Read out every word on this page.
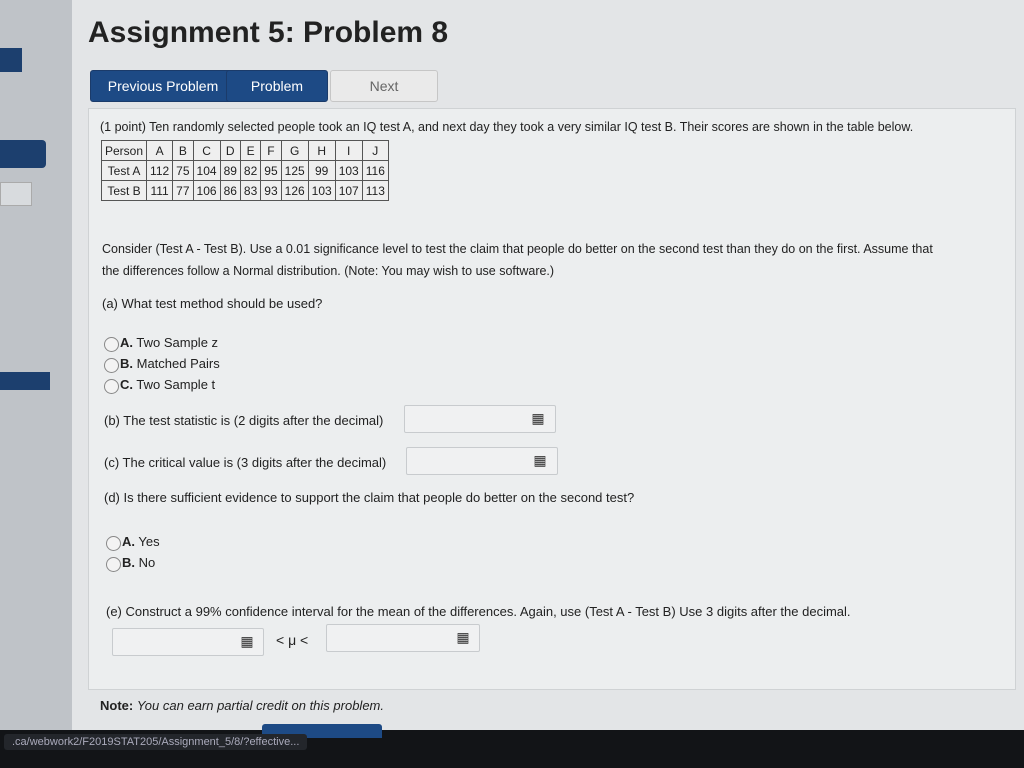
Assignment 5: Problem 8
Previous Problem	Problem	Next
(1 point) Ten randomly selected people took an IQ test A, and next day they took a very similar IQ test B. Their scores are shown in the table below.
Person	A	B	C	D	E	F	G	H	I	J
Test A	112	75	104	89	82	95	125	99	103	116
Test B	111	77	106	86	83	93	126	103	107	113
Consider (Test A - Test B). Use a 0.01 significance level to test the claim that people do better on the second test than they do on the first. Assume that
the differences follow a Normal distribution. (Note: You may wish to use software.)
(a) What test method should be used?
A. Two Sample z
B. Matched Pairs
C. Two Sample t
(b) The test statistic is (2 digits after the decimal)	▦
(c) The critical value is (3 digits after the decimal)	▦
(d) Is there sufficient evidence to support the claim that people do better on the second test?
A. Yes
B. No
(e) Construct a 99% confidence interval for the mean of the differences. Again, use (Test A - Test B) Use 3 digits after the decimal.
▦	< μ <	▦
Note: You can earn partial credit on this problem.
.ca/webwork2/F2019STAT205/Assignment_5/8/?effective...
